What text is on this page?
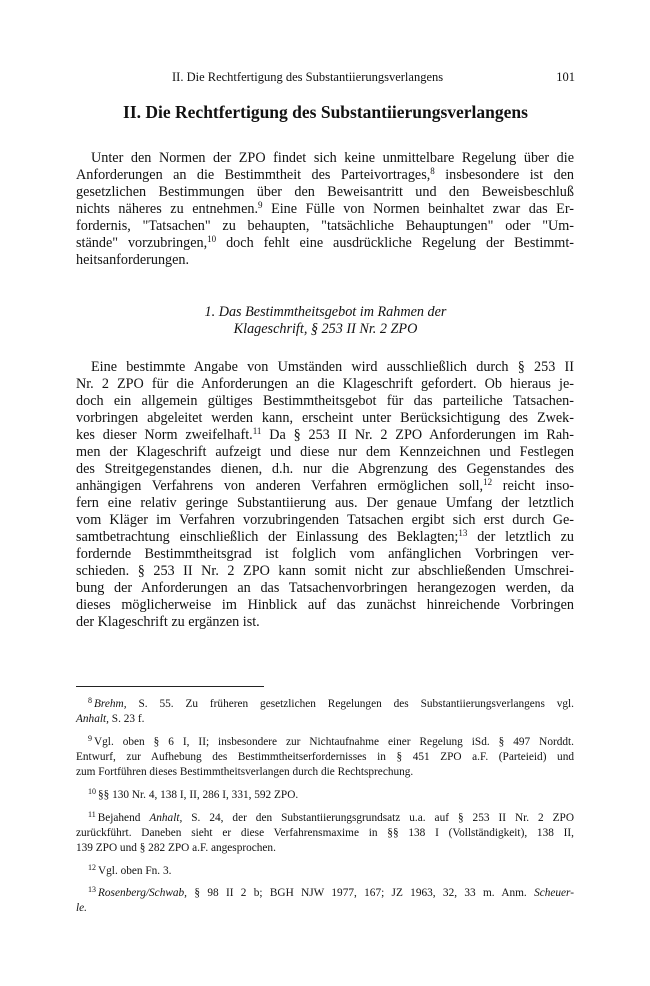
II. Die Rechtfertigung des Substantiierungsverlangens	101
II. Die Rechtfertigung des Substantiierungsverlangens
Unter den Normen der ZPO findet sich keine unmittelbare Regelung über die
Anforderungen an die Bestimmtheit des Parteivortrages,$^8$ insbesondere ist den
gesetzlichen Bestimmungen über den Beweisantritt und den Beweisbeschluß
nichts näheres zu entnehmen.$^9$ Eine Fülle von Normen beinhaltet zwar das Er-
fordernis, "Tatsachen" zu behaupten, "tatsächliche Behauptungen" oder "Um-
stände" vorzubringen,$^{10}$ doch fehlt eine ausdrückliche Regelung der Bestimmt-
heitsanforderungen.
1. Das Bestimmtheitsgebot im Rahmen der
Klageschrift, § 253 II Nr. 2 ZPO
Eine bestimmte Angabe von Umständen wird ausschließlich durch § 253 II
Nr. 2 ZPO für die Anforderungen an die Klageschrift gefordert. Ob hieraus je-
doch ein allgemein gültiges Bestimmtheitsgebot für das parteiliche Tatsachen-
vorbringen abgeleitet werden kann, erscheint unter Berücksichtigung des Zwek-
kes dieser Norm zweifelhaft.$^{11}$ Da § 253 II Nr. 2 ZPO Anforderungen im Rah-
men der Klageschrift aufzeigt und diese nur dem Kennzeichnen und Festlegen
des Streitgegenstandes dienen, d.h. nur die Abgrenzung des Gegenstandes des
anhängigen Verfahrens von anderen Verfahren ermöglichen soll,$^{12}$ reicht inso-
fern eine relativ geringe Substantiierung aus. Der genaue Umfang der letztlich
vom Kläger im Verfahren vorzubringenden Tatsachen ergibt sich erst durch Ge-
samtbetrachtung einschließlich der Einlassung des Beklagten;$^{13}$ der letztlich zu
fordernde Bestimmtheitsgrad ist folglich vom anfänglichen Vorbringen ver-
schieden. § 253 II Nr. 2 ZPO kann somit nicht zur abschließenden Umschrei-
bung der Anforderungen an das Tatsachenvorbringen herangezogen werden, da
dieses möglicherweise im Hinblick auf das zunächst hinreichende Vorbringen
der Klageschrift zu ergänzen ist.
$^8$ Brehm, S. 55. Zu früheren gesetzlichen Regelungen des Substantiierungsverlangens vgl.
Anhalt, S. 23 f.
$^9$ Vgl. oben § 6 I, II; insbesondere zur Nichtaufnahme einer Regelung iSd. § 497 Norddt.
Entwurf, zur Aufhebung des Bestimmtheitserfordernisses in § 451 ZPO a.F. (Parteieid) und
zum Fortführen dieses Bestimmtheitsverlangen durch die Rechtsprechung.
$^{10}$ §§ 130 Nr. 4, 138 I, II, 286 I, 331, 592 ZPO.
$^{11}$ Bejahend Anhalt, S. 24, der den Substantiierungsgrundsatz u.a. auf § 253 II Nr. 2 ZPO
zurückführt. Daneben sieht er diese Verfahrensmaxime in §§ 138 I (Vollständigkeit), 138 II,
139 ZPO und § 282 ZPO a.F. angesprochen.
$^{12}$ Vgl. oben Fn. 3.
$^{13}$ Rosenberg/Schwab, § 98 II 2 b; BGH NJW 1977, 167; JZ 1963, 32, 33 m. Anm. Scheuer-
le.
